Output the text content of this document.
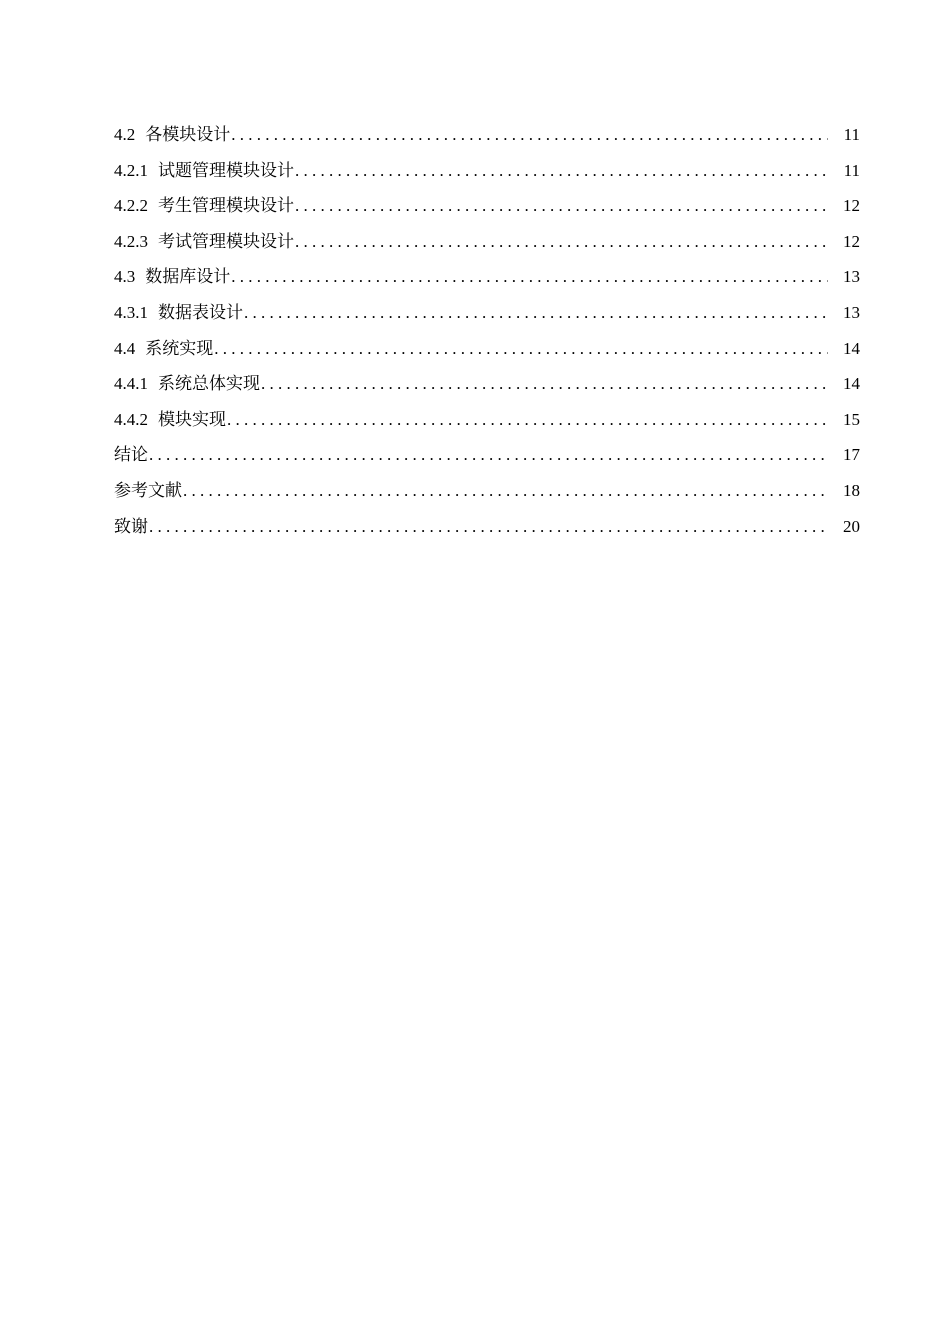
4.2 各模块设计 . . .	11
4.2.1 试题管理模块设计 . . .	11
4.2.2 考生管理模块设计 . . .	12
4.2.3 考试管理模块设计 . . .	12
4.3 数据库设计 . . .	13
4.3.1 数据表设计 . . .	13
4.4 系统实现 . . .	14
4.4.1 系统总体实现 . . .	14
4.4.2 模块实现 . . .	15
结论 . . .	17
参考文献 . . .	18
致谢 . . .	20
